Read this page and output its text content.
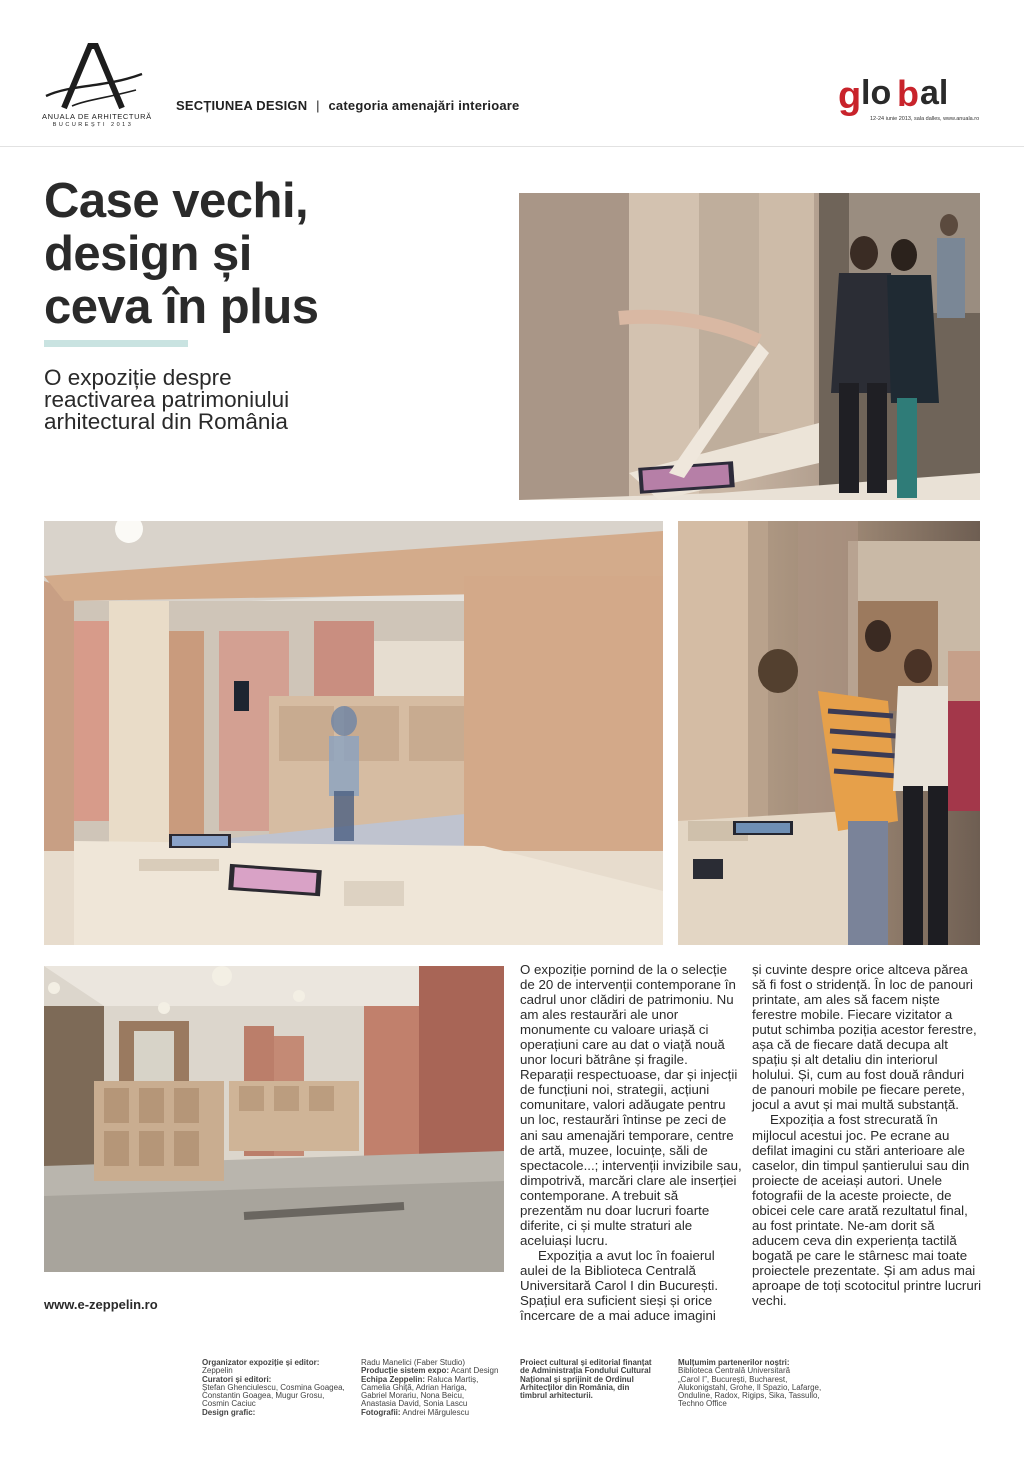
ANUALA DE ARHITECTURĂ
BUCUREȘTI 2013
SECȚIUNEA DESIGN | categoria amenajări interioare	g lo b al
12-24 iunie 2013, sala dalles, www.anuala.ro
Case vechi,
design și
ceva în plus
O expoziție despre
reactivarea patrimoniului
arhitectural din România

O expoziție pornind de la o selecție de 20 de intervenții contemporane în cadrul unor clădiri de patrimoniu. Nu am ales restaurări ale unor monumente cu valoare uriașă ci operațiuni care au dat o viață nouă unor locuri bătrâne și fragile. Reparații respectuoase, dar și injecții de funcțiuni noi, strategii, acțiuni comunitare, valori adăugate pentru un loc, restaurări întinse pe zeci de ani sau amenajări temporare, centre de artă, muzee, locuințe, săli de spectacole...; intervenții invizibile sau, dimpotrivă, marcări clare ale inserției contemporane. A trebuit să prezentăm nu doar lucruri foarte diferite, ci și multe straturi ale aceluiași lucru.

Expoziția a avut loc în foaierul aulei de la Biblioteca Centrală Universitară Carol I din București. Spațiul era suficient sieși și orice încercare de a mai aduce imagini

și cuvinte despre orice altceva părea să fi fost o stridență. În loc de panouri printate, am ales să facem niște ferestre mobile. Fiecare vizitator a putut schimba poziția acestor ferestre, așa că de fiecare dată decupa alt spațiu și alt detaliu din interiorul holului. Și, cum au fost două rânduri de panouri mobile pe fiecare perete, jocul a avut și mai multă substanță.

Expoziția a fost strecurată în mijlocul acestui joc. Pe ecrane au defilat imagini cu stări anterioare ale caselor, din timpul șantierului sau din proiecte de aceiași autori. Unele fotografii de la aceste proiecte, de obicei cele care arată rezultatul final, au fost printate. Ne-am dorit să aducem ceva din experiența tactilă bogată pe care le stârnesc mai toate proiectele prezentate. Și am adus mai aproape de toți scotocitul printre lucruri vechi.

www.e-zeppelin.ro
Organizator expoziție și editor:
Zeppelin
Curatori și editori:
Ștefan Ghenciulescu, Cosmina Goagea,
Constantin Goagea, Mugur Grosu,
Cosmin Caciuc
Design grafic:
Radu Manelici (Faber Studio)
Producție sistem expo: Acant Design
Echipa Zeppelin: Raluca Martiș,
Camelia Ghiță, Adrian Hariga,
Gabriel Morariu, Nona Beicu,
Anastasia David, Sonia Lascu
Fotografii: Andrei Mărgulescu
Proiect cultural și editorial finanțat
de Administrația Fondului Cultural
Național și sprijinit de Ordinul
Arhitecților din România, din
timbrul arhitecturii.
Mulțumim partenerilor noștri:
Biblioteca Centrală Universitară
„Carol I”, București, Bucharest,
Alukonigstahl, Grohe, Il Spazio, Lafarge,
Onduline, Radox, Rigips, Sika, Tassullo,
Techno Office
